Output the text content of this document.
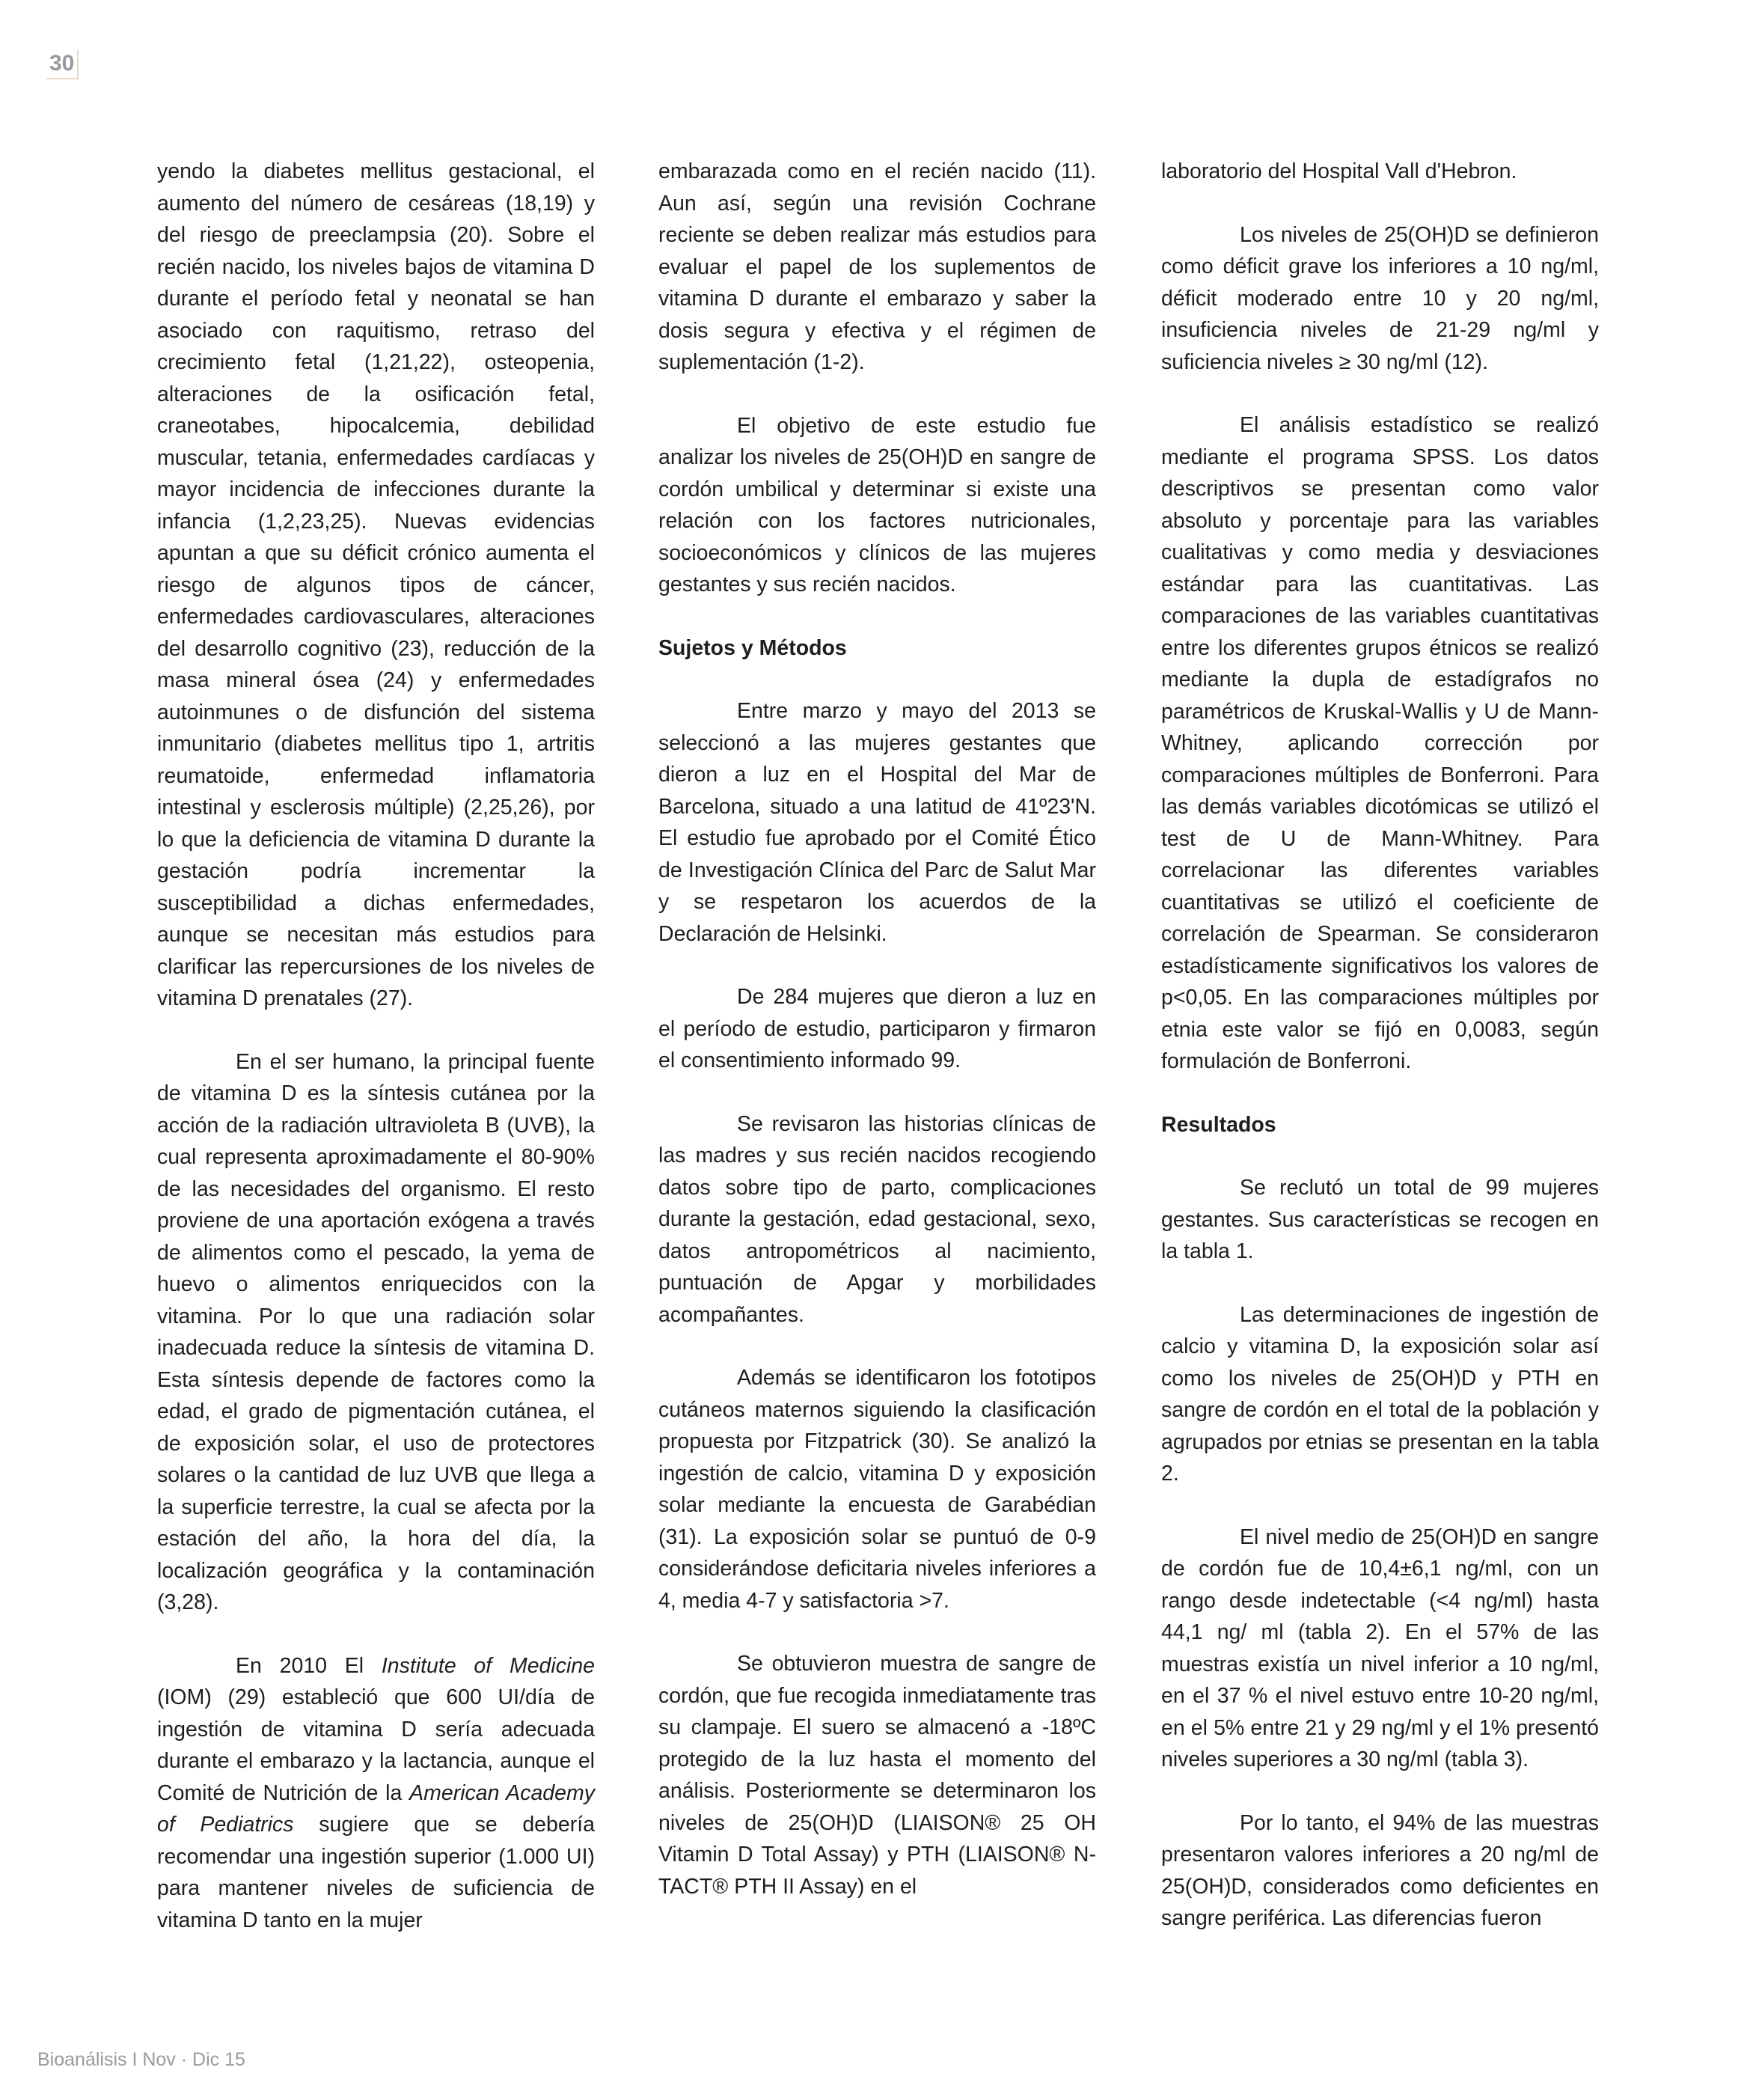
30

yendo la diabetes mellitus gestacional, el aumento del número de cesáreas (18,19) y del riesgo de preeclampsia (20). Sobre el recién nacido, los niveles bajos de vitamina D durante el período fetal y neonatal se han asociado con raquitismo, retraso del crecimiento fetal (1,21,22), osteopenia, alteraciones de la osificación fetal, craneotabes, hipocalcemia, debilidad muscular, tetania, enfermedades cardíacas y mayor incidencia de infecciones durante la infancia (1,2,23,25). Nuevas evidencias apuntan a que su déficit crónico aumenta el riesgo de algunos tipos de cáncer, enfermedades cardiovasculares, alteraciones del desarrollo cognitivo (23), reducción de la masa mineral ósea (24) y enfermedades autoinmunes o de disfunción del sistema inmunitario (diabetes mellitus tipo 1, artritis reumatoide, enfermedad inflamatoria intestinal y esclerosis múltiple) (2,25,26), por lo que la deficiencia de vitamina D durante la gestación podría incrementar la susceptibilidad a dichas enfermedades, aunque se necesitan más estudios para clarificar las repercursiones de los niveles de vitamina D prenatales (27).

En el ser humano, la principal fuente de vitamina D es la síntesis cutánea por la acción de la radiación ultravioleta B (UVB), la cual representa aproximadamente el 80-90% de las necesidades del organismo. El resto proviene de una aportación exógena a través de alimentos como el pescado, la yema de huevo o alimentos enriquecidos con la vitamina. Por lo que una radiación solar inadecuada reduce la síntesis de vitamina D. Esta síntesis depende de factores como la edad, el grado de pigmentación cutánea, el de exposición solar, el uso de protectores solares o la cantidad de luz UVB que llega a la superficie terrestre, la cual se afecta por la estación del año, la hora del día, la localización geográfica y la contaminación (3,28).

En 2010 El Institute of Medicine (IOM) (29) estableció que 600 UI/día de ingestión de vitamina D sería adecuada durante el embarazo y la lactancia, aunque el Comité de Nutrición de la American Academy of Pediatrics sugiere que se debería recomendar una ingestión superior (1.000 UI) para mantener niveles de suficiencia de vitamina D tanto en la mujer

embarazada como en el recién nacido (11). Aun así, según una revisión Cochrane reciente se deben realizar más estudios para evaluar el papel de los suplementos de vitamina D durante el embarazo y saber la dosis segura y efectiva y el régimen de suplementación (1-2).

El objetivo de este estudio fue analizar los niveles de 25(OH)D en sangre de cordón umbilical y determinar si existe una relación con los factores nutricionales, socioeconómicos y clínicos de las mujeres gestantes y sus recién nacidos.

Sujetos y Métodos

Entre marzo y mayo del 2013 se seleccionó a las mujeres gestantes que dieron a luz en el Hospital del Mar de Barcelona, situado a una latitud de 41º23'N. El estudio fue aprobado por el Comité Ético de Investigación Clínica del Parc de Salut Mar y se respetaron los acuerdos de la Declaración de Helsinki.

De 284 mujeres que dieron a luz en el período de estudio, participaron y firmaron el consentimiento informado 99.

Se revisaron las historias clínicas de las madres y sus recién nacidos recogiendo datos sobre tipo de parto, complicaciones durante la gestación, edad gestacional, sexo, datos antropométricos al nacimiento, puntuación de Apgar y morbilidades acompañantes.

Además se identificaron los fototipos cutáneos maternos siguiendo la clasificación propuesta por Fitzpatrick (30). Se analizó la ingestión de calcio, vitamina D y exposición solar mediante la encuesta de Garabédian (31). La exposición solar se puntuó de 0-9 considerándose deficitaria niveles inferiores a 4, media 4-7 y satisfactoria >7.

Se obtuvieron muestra de sangre de cordón, que fue recogida inmediatamente tras su clampaje. El suero se almacenó a -18ºC protegido de la luz hasta el momento del análisis. Posteriormente se determinaron los niveles de 25(OH)D (LIAISON® 25 OH Vitamin D Total Assay) y PTH (LIAISON® N-TACT® PTH II Assay) en el

laboratorio del Hospital Vall d'Hebron.

Los niveles de 25(OH)D se definieron como déficit grave los inferiores a 10 ng/ml, déficit moderado entre 10 y 20 ng/ml, insuficiencia niveles de 21-29 ng/ml y suficiencia niveles ≥ 30 ng/ml (12).

El análisis estadístico se realizó mediante el programa SPSS. Los datos descriptivos se presentan como valor absoluto y porcentaje para las variables cualitativas y como media y desviaciones estándar para las cuantitativas. Las comparaciones de las variables cuantitativas entre los diferentes grupos étnicos se realizó mediante la dupla de estadígrafos no paramétricos de Kruskal-Wallis y U de Mann-Whitney, aplicando corrección por comparaciones múltiples de Bonferroni. Para las demás variables dicotómicas se utilizó el test de U de Mann-Whitney. Para correlacionar las diferentes variables cuantitativas se utilizó el coeficiente de correlación de Spearman. Se consideraron estadísticamente significativos los valores de p<0,05. En las comparaciones múltiples por etnia este valor se fijó en 0,0083, según formulación de Bonferroni.

Resultados

Se reclutó un total de 99 mujeres gestantes. Sus características se recogen en la tabla 1.

Las determinaciones de ingestión de calcio y vitamina D, la exposición solar así como los niveles de 25(OH)D y PTH en sangre de cordón en el total de la población y agrupados por etnias se presentan en la tabla 2.

El nivel medio de 25(OH)D en sangre de cordón fue de 10,4±6,1 ng/ml, con un rango desde indetectable (<4 ng/ml) hasta 44,1 ng/ ml (tabla 2). En el 57% de las muestras existía un nivel inferior a 10 ng/ml, en el 37 % el nivel estuvo entre 10-20 ng/ml, en el 5% entre 21 y 29 ng/ml y el 1% presentó niveles superiores a 30 ng/ml (tabla 3).

Por lo tanto, el 94% de las muestras presentaron valores inferiores a 20 ng/ml de 25(OH)D, considerados como deficientes en sangre periférica. Las diferencias fueron

Bioanálisis I Nov · Dic 15
